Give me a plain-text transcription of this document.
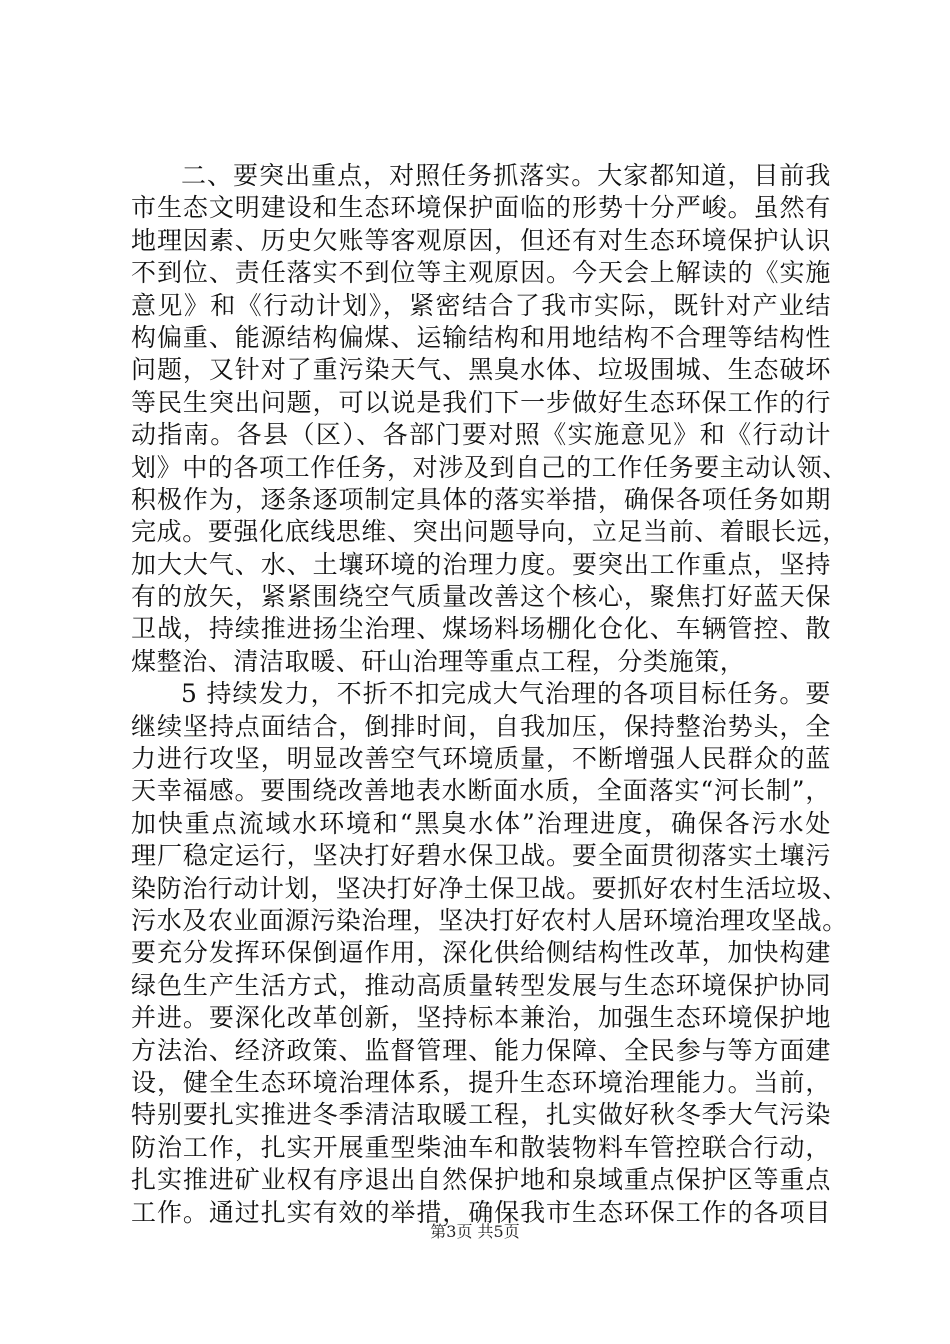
二、要突出重点，对照任务抓落实。大家都知道，目前我
市生态文明建设和生态环境保护面临的形势十分严峻。虽然有
地理因素、历史欠账等客观原因，但还有对生态环境保护认识
不到位、责任落实不到位等主观原因。今天会上解读的《实施
意见》和《行动计划》，紧密结合了我市实际，既针对产业结
构偏重、能源结构偏煤、运输结构和用地结构不合理等结构性
问题，又针对了重污染天气、黑臭水体、垃圾围城、生态破坏
等民生突出问题，可以说是我们下一步做好生态环保工作的行
动指南。各县（区）、各部门要对照《实施意见》和《行动计
划》中的各项工作任务，对涉及到自己的工作任务要主动认领、
积极作为，逐条逐项制定具体的落实举措，确保各项任务如期
完成。要强化底线思维、突出问题导向，立足当前、着眼长远，
加大大气、水、土壤环境的治理力度。要突出工作重点，坚持
有的放矢，紧紧围绕空气质量改善这个核心，聚焦打好蓝天保
卫战，持续推进扬尘治理、煤场料场棚化仓化、车辆管控、散
煤整治、清洁取暖、矸山治理等重点工程，分类施策，
5 持续发力，不折不扣完成大气治理的各项目标任务。要
继续坚持点面结合，倒排时间，自我加压，保持整治势头，全
力进行攻坚，明显改善空气环境质量，不断增强人民群众的蓝
天幸福感。要围绕改善地表水断面水质，全面落实“河长制”，
加快重点流域水环境和“黑臭水体”治理进度，确保各污水处
理厂稳定运行，坚决打好碧水保卫战。要全面贯彻落实土壤污
染防治行动计划，坚决打好净土保卫战。要抓好农村生活垃圾、
污水及农业面源污染治理，坚决打好农村人居环境治理攻坚战。
要充分发挥环保倒逼作用，深化供给侧结构性改革，加快构建
绿色生产生活方式，推动高质量转型发展与生态环境保护协同
并进。要深化改革创新，坚持标本兼治，加强生态环境保护地
方法治、经济政策、监督管理、能力保障、全民参与等方面建
设，健全生态环境治理体系，提升生态环境治理能力。当前，
特别要扎实推进冬季清洁取暖工程，扎实做好秋冬季大气污染
防治工作，扎实开展重型柴油车和散装物料车管控联合行动，
扎实推进矿业权有序退出自然保护地和泉域重点保护区等重点
工作。通过扎实有效的举措，确保我市生态环保工作的各项目
第3页 共5页
